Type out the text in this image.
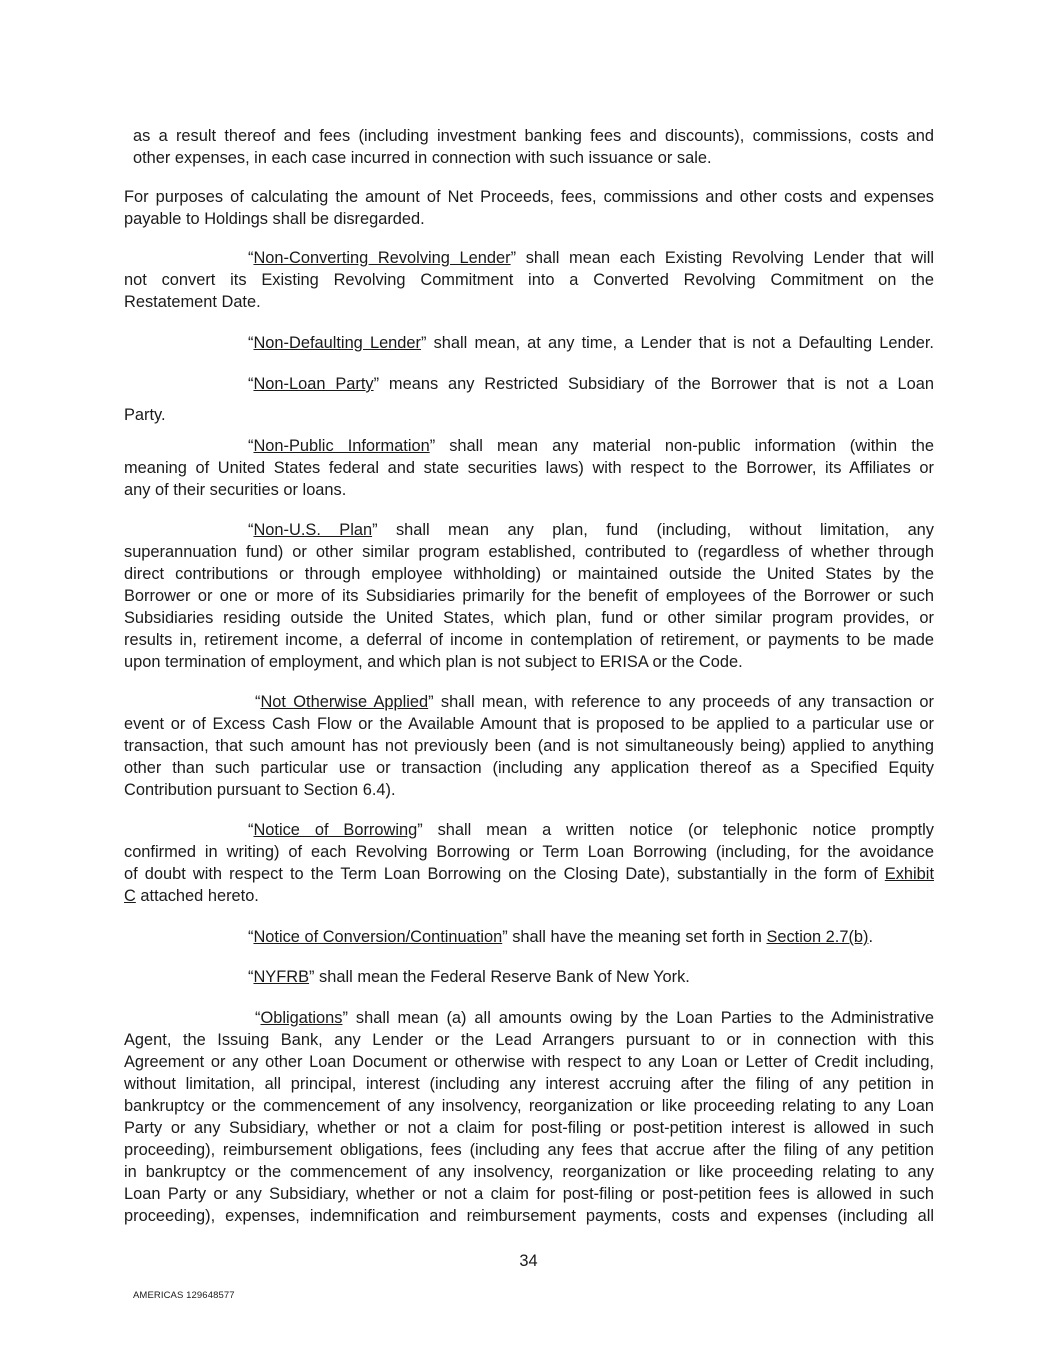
as a result thereof and fees (including investment banking fees and discounts), commissions, costs and
other expenses, in each case incurred in connection with such issuance or sale.
For purposes of calculating the amount of Net Proceeds, fees, commissions and other costs and expenses
payable to Holdings shall be disregarded.
“Non-Converting Revolving Lender” shall mean each Existing Revolving Lender that will
not convert its Existing Revolving Commitment into a Converted Revolving Commitment on the
Restatement Date.
“Non-Defaulting Lender” shall mean, at any time, a Lender that is not a Defaulting Lender.
“Non-Loan Party” means any Restricted Subsidiary of the Borrower that is not a Loan
Party.
“Non-Public Information” shall mean any material non-public information (within the
meaning of United States federal and state securities laws) with respect to the Borrower, its Affiliates or
any of their securities or loans.
“Non-U.S. Plan” shall mean any plan, fund (including, without limitation, any
superannuation fund) or other similar program established, contributed to (regardless of whether through
direct contributions or through employee withholding) or maintained outside the United States by the
Borrower or one or more of its Subsidiaries primarily for the benefit of employees of the Borrower or such
Subsidiaries residing outside the United States, which plan, fund or other similar program provides, or
results in, retirement income, a deferral of income in contemplation of retirement, or payments to be made
upon termination of employment, and which plan is not subject to ERISA or the Code.
“Not Otherwise Applied” shall mean, with reference to any proceeds of any transaction or
event or of Excess Cash Flow or the Available Amount that is proposed to be applied to a particular use or
transaction, that such amount has not previously been (and is not simultaneously being) applied to anything
other than such particular use or transaction (including any application thereof as a Specified Equity
Contribution pursuant to Section 6.4).
“Notice of Borrowing” shall mean a written notice (or telephonic notice promptly
confirmed in writing) of each Revolving Borrowing or Term Loan Borrowing (including, for the avoidance
of doubt with respect to the Term Loan Borrowing on the Closing Date), substantially in the form of Exhibit
C attached hereto.
“Notice of Conversion/Continuation” shall have the meaning set forth in Section 2.7(b).
“NYFRB” shall mean the Federal Reserve Bank of New York.
“Obligations” shall mean (a) all amounts owing by the Loan Parties to the Administrative
Agent, the Issuing Bank, any Lender or the Lead Arrangers pursuant to or in connection with this
Agreement or any other Loan Document or otherwise with respect to any Loan or Letter of Credit including,
without limitation, all principal, interest (including any interest accruing after the filing of any petition in
bankruptcy or the commencement of any insolvency, reorganization or like proceeding relating to any Loan
Party or any Subsidiary, whether or not a claim for post-filing or post-petition interest is allowed in such
proceeding), reimbursement obligations, fees (including any fees that accrue after the filing of any petition
in bankruptcy or the commencement of any insolvency, reorganization or like proceeding relating to any
Loan Party or any Subsidiary, whether or not a claim for post-filing or post-petition fees is allowed in such
proceeding), expenses, indemnification and reimbursement payments, costs and expenses (including all
34
AMERICAS 129648577
